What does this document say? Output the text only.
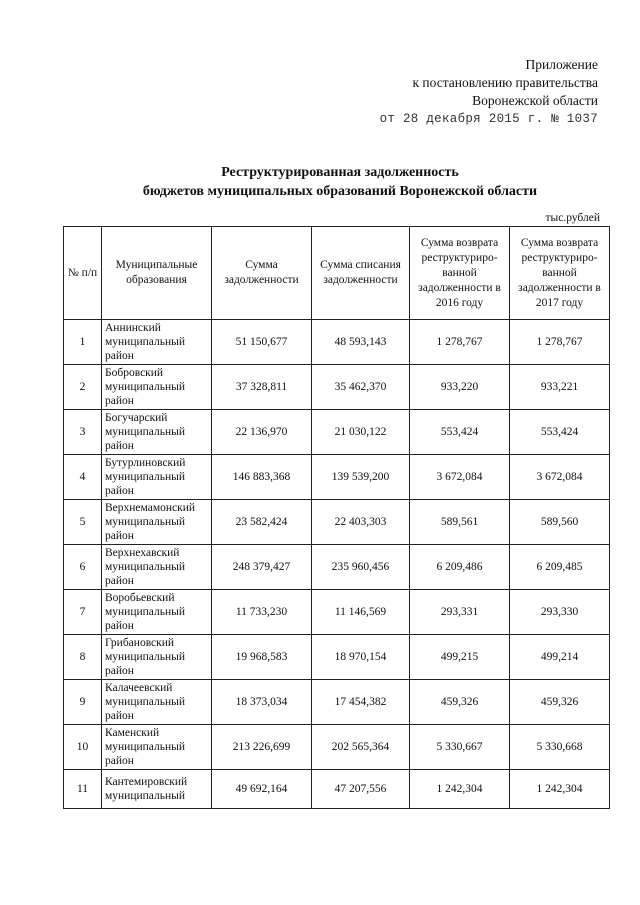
Приложение
к постановлению правительства
Воронежской области
от 28 декабря 2015 г. № 1037
Реструктурированная задолженность
бюджетов муниципальных образований Воронежской области
тыс.рублей
№ п/п	Муниципальные образования	Сумма задолженности	Сумма списания задолженности	Сумма возврата реструктуриро-ванной задолженности в 2016 году	Сумма возврата реструктуриро-ванной задолженности в 2017 году
1	Аннинский муниципальный район	51 150,677	48 593,143	1 278,767	1 278,767
2	Бобровский муниципальный район	37 328,811	35 462,370	933,220	933,221
3	Богучарский муниципальный район	22 136,970	21 030,122	553,424	553,424
4	Бутурлиновский муниципальный район	146 883,368	139 539,200	3 672,084	3 672,084
5	Верхнемамонский муниципальный район	23 582,424	22 403,303	589,561	589,560
6	Верхнехавский муниципальный район	248 379,427	235 960,456	6 209,486	6 209,485
7	Воробьевский муниципальный район	11 733,230	11 146,569	293,331	293,330
8	Грибановский муниципальный район	19 968,583	18 970,154	499,215	499,214
9	Калачеевский муниципальный район	18 373,034	17 454,382	459,326	459,326
10	Каменский муниципальный район	213 226,699	202 565,364	5 330,667	5 330,668
11	Кантемировский муниципальный	49 692,164	47 207,556	1 242,304	1 242,304
